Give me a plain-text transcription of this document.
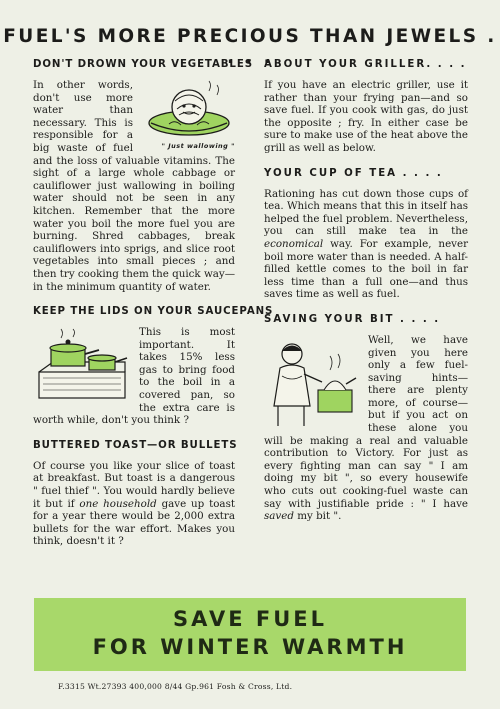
FUEL'S MORE PRECIOUS THAN JEWELS . . . .
DON'T DROWN YOUR VEGETABLES
" Just wallowing "

In other words, don't use more water than necessary. This is responsible for a big waste of fuel and the loss of valuable vitamins. The sight of a large whole cabbage or cauliflower just wallowing in boiling water should not be seen in any kitchen. Remember that the more water you boil the more fuel you are burning. Shred cabbages, break cauliflowers into sprigs, and slice root vegetables into small pieces ; and then try cooking them the quick way—in the minimum quantity of water.

KEEP THE LIDS ON YOUR SAUCEPANS

This is most important. It takes 15% less gas to bring food to the boil in a covered pan, so the extra care is worth while, don't you think ?

BUTTERED TOAST—OR BULLETS

Of course you like your slice of toast at breakfast. But toast is a dangerous " fuel thief ". You would hardly believe it but if one household gave up toast for a year there would be 2,000 extra bullets for the war effort. Makes you think, doesn't it ?

ABOUT YOUR GRILLER. . . .

If you have an electric griller, use it rather than your frying pan—and so save fuel. If you cook with gas, do just the opposite ; fry. In either case be sure to make use of the heat above the grill as well as below.

YOUR CUP OF TEA . . . .

Rationing has cut down those cups of tea. Which means that this in itself has helped the fuel problem. Nevertheless, you can still make tea in the economical way. For example, never boil more water than is needed. A half-filled kettle comes to the boil in far less time than a full one—and thus saves time as well as fuel.

SAVING YOUR BIT . . . .

Well, we have given you here only a few fuel-saving hints—there are plenty more, of course—but if you act on these alone you will be making a real and valuable contribution to Victory. For just as every fighting man can say " I am doing my bit ", so every housewife who cuts out cooking-fuel waste can say with justifiable pride : " I have saved my bit ".

SAVE FUEL
FOR WINTER WARMTH
F.3315 Wt.27393 400,000 8/44 Gp.961 Fosh & Cross, Ltd.
